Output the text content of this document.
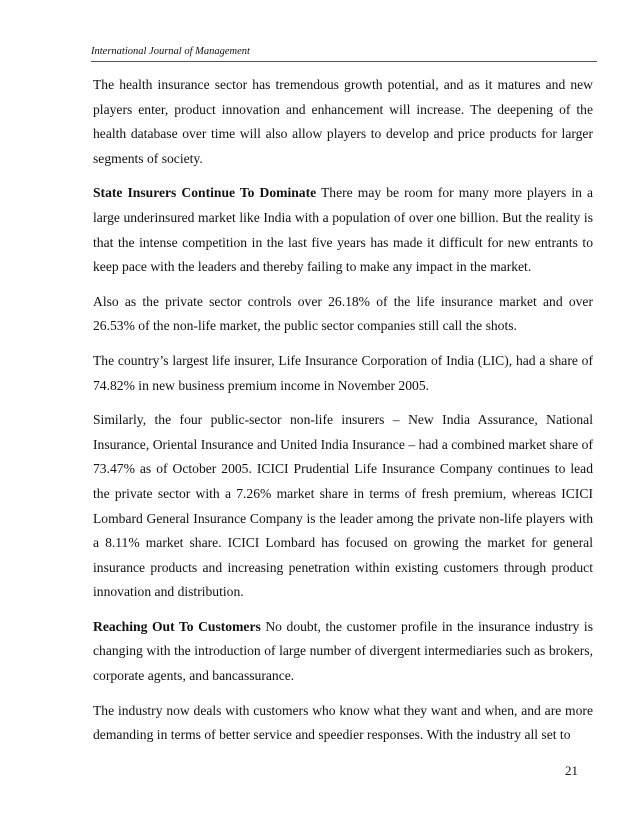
International Journal of Management

The health insurance sector has tremendous growth potential, and as it matures and new players enter, product innovation and enhancement will increase. The deepening of the health database over time will also allow players to develop and price products for larger segments of society.

State Insurers Continue To Dominate There may be room for many more players in a large underinsured market like India with a population of over one billion. But the reality is that the intense competition in the last five years has made it difficult for new entrants to keep pace with the leaders and thereby failing to make any impact in the market.

Also as the private sector controls over 26.18% of the life insurance market and over 26.53% of the non-life market, the public sector companies still call the shots.

The country’s largest life insurer, Life Insurance Corporation of India (LIC), had a share of 74.82% in new business premium income in November 2005.

Similarly, the four public-sector non-life insurers – New India Assurance, National Insurance, Oriental Insurance and United India Insurance – had a combined market share of 73.47% as of October 2005. ICICI Prudential Life Insurance Company continues to lead the private sector with a 7.26% market share in terms of fresh premium, whereas ICICI Lombard General Insurance Company is the leader among the private non-life players with a 8.11% market share. ICICI Lombard has focused on growing the market for general insurance products and increasing penetration within existing customers through product innovation and distribution.

Reaching Out To Customers No doubt, the customer profile in the insurance industry is changing with the introduction of large number of divergent intermediaries such as brokers, corporate agents, and bancassurance.

The industry now deals with customers who know what they want and when, and are more demanding in terms of better service and speedier responses. With the industry all set to

21
